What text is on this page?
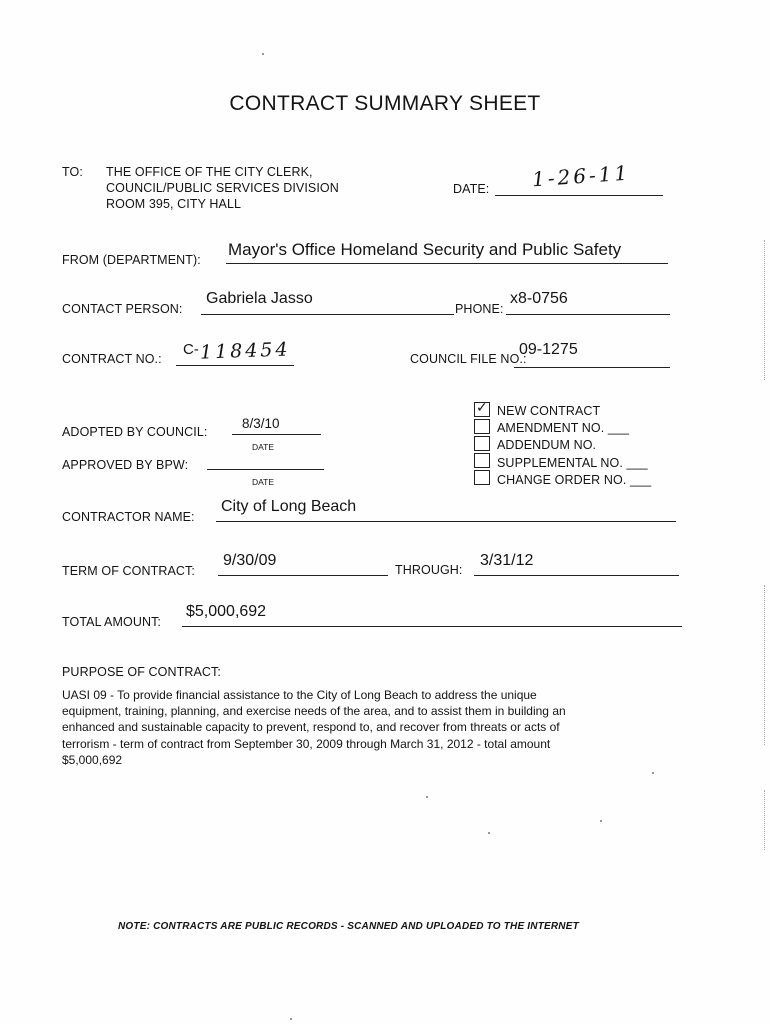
CONTRACT SUMMARY SHEET
TO: THE OFFICE OF THE CITY CLERK,
COUNCIL/PUBLIC SERVICES DIVISION
ROOM 395, CITY HALL
DATE: 1-26-11
FROM (DEPARTMENT):
Mayor's Office Homeland Security and Public Safety
CONTACT PERSON:
Gabriela Jasso
PHONE:
x8-0756
CONTRACT NO.:
C- 118454	COUNCIL FILE NO.:
09-1275
ADOPTED BY COUNCIL:
8/3/10
DATE
APPROVED BY BPW:
DATE
✓ NEW CONTRACT
AMENDMENT NO. ___
ADDENDUM NO.
SUPPLEMENTAL NO. ___
CHANGE ORDER NO. ___
CONTRACTOR NAME:
City of Long Beach
TERM OF CONTRACT:
9/30/09
THROUGH:
3/31/12
TOTAL AMOUNT:
$5,000,692
PURPOSE OF CONTRACT:
UASI 09 - To provide financial assistance to the City of Long Beach to address the unique
equipment, training, planning, and exercise needs of the area, and to assist them in building an
enhanced and sustainable capacity to prevent, respond to, and recover from threats or acts of
terrorism - term of contract from September 30, 2009 through March 31, 2012 - total amount
$5,000,692
NOTE: CONTRACTS ARE PUBLIC RECORDS - SCANNED AND UPLOADED TO THE INTERNET
